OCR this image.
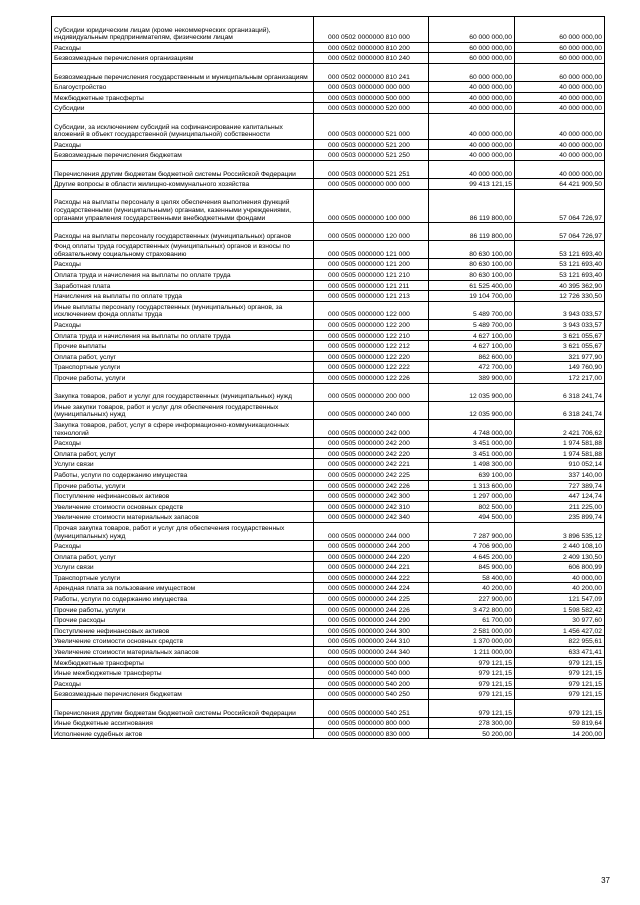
Субсидии юридическим лицам (кроме некоммерческих организаций), индивидуальным предпринимателям, физическим лицам	000 0502 0000000 810 000	60 000 000,00	60 000 000,00
Расходы	000 0502 0000000 810 200	60 000 000,00	60 000 000,00
Безвозмездные перечисления организациям	000 0502 0000000 810 240	60 000 000,00	60 000 000,00
Безвозмездные перечисления государственным и муниципальным организациям	000 0502 0000000 810 241	60 000 000,00	60 000 000,00
Благоустройство	000 0503 0000000 000 000	40 000 000,00	40 000 000,00
Межбюджетные трансферты	000 0503 0000000 500 000	40 000 000,00	40 000 000,00
Субсидии	000 0503 0000000 520 000	40 000 000,00	40 000 000,00
Субсидии, за исключением субсидий на софинансирование капитальных вложений в объект государственной (муниципальной) собственности	000 0503 0000000 521 000	40 000 000,00	40 000 000,00
Расходы	000 0503 0000000 521 200	40 000 000,00	40 000 000,00
Безвозмездные перечисления бюджетам	000 0503 0000000 521 250	40 000 000,00	40 000 000,00
Перечисления другим бюджетам бюджетной системы Российской Федерации	000 0503 0000000 521 251	40 000 000,00	40 000 000,00
Другие вопросы в области жилищно-коммунального хозяйства	000 0505 0000000 000 000	99 413 121,15	64 421 909,50
Расходы на выплаты персоналу в целях обеспечения выполнения функций государственными (муниципальными) органами, казенными учреждениями, органами управления государственными внебюджетными фондами	000 0505 0000000 100 000	86 119 800,00	57 064 726,97
Расходы на выплаты персоналу государственных (муниципальных) органов	000 0505 0000000 120 000	86 119 800,00	57 064 726,97
Фонд оплаты труда государственных (муниципальных) органов и взносы по обязательному социальному страхованию	000 0505 0000000 121 000	80 630 100,00	53 121 693,40
Расходы	000 0505 0000000 121 200	80 630 100,00	53 121 693,40
Оплата труда и начисления на выплаты по оплате труда	000 0505 0000000 121 210	80 630 100,00	53 121 693,40
Заработная плата	000 0505 0000000 121 211	61 525 400,00	40 395 362,90
Начисления на выплаты по оплате труда	000 0505 0000000 121 213	19 104 700,00	12 726 330,50
Иные выплаты персоналу государственных (муниципальных) органов, за исключением фонда оплаты труда	000 0505 0000000 122 000	5 489 700,00	3 943 033,57
Расходы	000 0505 0000000 122 200	5 489 700,00	3 943 033,57
Оплата труда и начисления на выплаты по оплате труда	000 0505 0000000 122 210	4 627 100,00	3 621 055,67
Прочие выплаты	000 0505 0000000 122 212	4 627 100,00	3 621 055,67
Оплата работ, услуг	000 0505 0000000 122 220	862 600,00	321 977,90
Транспортные услуги	000 0505 0000000 122 222	472 700,00	149 760,90
Прочие работы, услуги	000 0505 0000000 122 226	389 900,00	172 217,00
Закупка товаров, работ и услуг для государственных (муниципальных) нужд	000 0505 0000000 200 000	12 035 900,00	6 318 241,74
Иные закупки товаров, работ и услуг для обеспечения государственных (муниципальных) нужд	000 0505 0000000 240 000	12 035 900,00	6 318 241,74
Закупка товаров, работ, услуг в сфере информационно-коммуникационных технологий	000 0505 0000000 242 000	4 748 000,00	2 421 706,62
Расходы	000 0505 0000000 242 200	3 451 000,00	1 974 581,88
Оплата работ, услуг	000 0505 0000000 242 220	3 451 000,00	1 974 581,88
Услуги связи	000 0505 0000000 242 221	1 498 300,00	910 052,14
Работы, услуги по содержанию имущества	000 0505 0000000 242 225	639 100,00	337 140,00
Прочие работы, услуги	000 0505 0000000 242 226	1 313 600,00	727 389,74
Поступление нефинансовых активов	000 0505 0000000 242 300	1 297 000,00	447 124,74
Увеличение стоимости основных средств	000 0505 0000000 242 310	802 500,00	211 225,00
Увеличение стоимости материальных запасов	000 0505 0000000 242 340	494 500,00	235 899,74
Прочая закупка товаров, работ и услуг для обеспечения государственных (муниципальных) нужд	000 0505 0000000 244 000	7 287 900,00	3 896 535,12
Расходы	000 0505 0000000 244 200	4 706 900,00	2 440 108,10
Оплата работ, услуг	000 0505 0000000 244 220	4 645 200,00	2 409 130,50
Услуги связи	000 0505 0000000 244 221	845 900,00	606 800,99
Транспортные услуги	000 0505 0000000 244 222	58 400,00	40 000,00
Арендная плата за пользование имуществом	000 0505 0000000 244 224	40 200,00	40 200,00
Работы, услуги по содержанию имущества	000 0505 0000000 244 225	227 900,00	121 547,09
Прочие работы, услуги	000 0505 0000000 244 226	3 472 800,00	1 598 582,42
Прочие расходы	000 0505 0000000 244 290	61 700,00	30 977,60
Поступление нефинансовых активов	000 0505 0000000 244 300	2 581 000,00	1 456 427,02
Увеличение стоимости основных средств	000 0505 0000000 244 310	1 370 000,00	822 955,61
Увеличение стоимости материальных запасов	000 0505 0000000 244 340	1 211 000,00	633 471,41
Межбюджетные трансферты	000 0505 0000000 500 000	979 121,15	979 121,15
Иные межбюджетные трансферты	000 0505 0000000 540 000	979 121,15	979 121,15
Расходы	000 0505 0000000 540 200	979 121,15	979 121,15
Безвозмездные перечисления бюджетам	000 0505 0000000 540 250	979 121,15	979 121,15
Перечисления другим бюджетам бюджетной системы Российской Федерации	000 0505 0000000 540 251	979 121,15	979 121,15
Иные бюджетные ассигнования	000 0505 0000000 800 000	278 300,00	59 819,64
Исполнение судебных актов	000 0505 0000000 830 000	50 200,00	14 200,00
37
